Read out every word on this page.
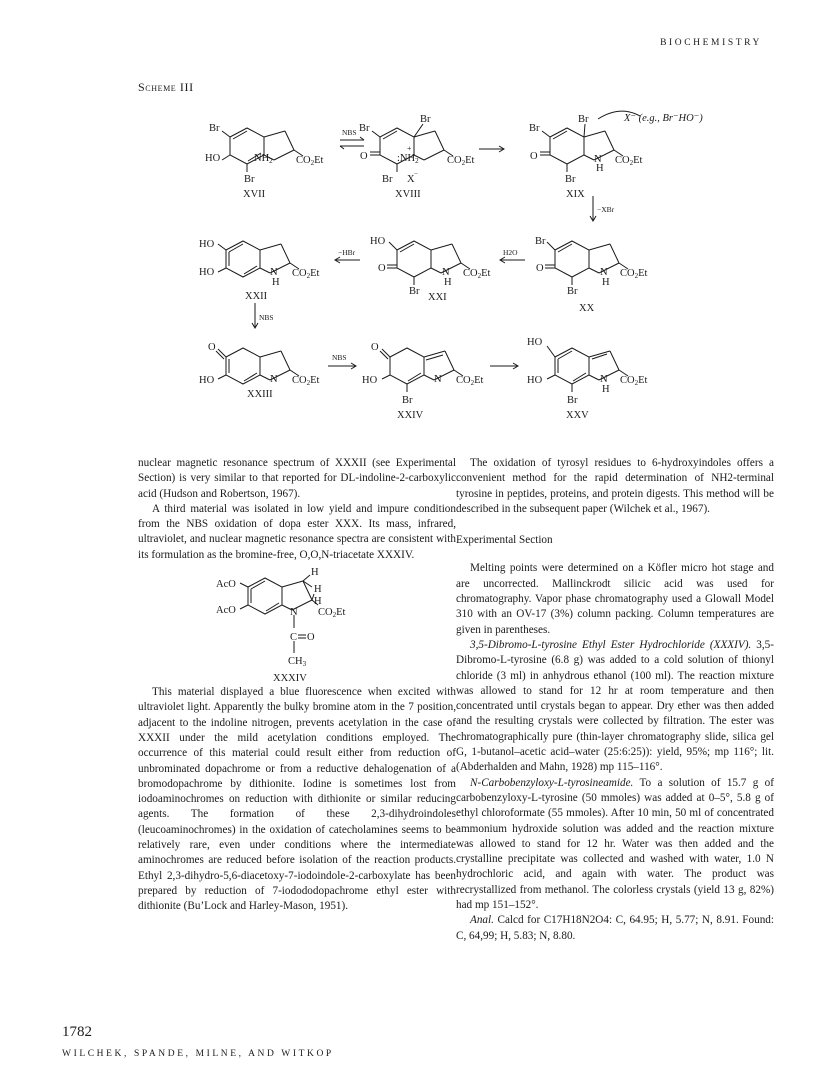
BIOCHEMISTRY
Scheme III
Br
HO	NH2 CO2Et
Br
Br
Br
O	:NH2	CO2Et
Br X −
+
Br
Br
O	N
H
CO2Et
Br
Br
O	N
H
CO2Et
Br
HO
O	N
H
CO2Et
Br
HO
HO	N
H
CO2Et
O
HO	N CO2Et
O
HO	N CO2Et
Br
HO
HO	N
H
CO2Et
Br
X⁻ (e.g., Br⁻HO⁻)
NBS
−XBr
−HBr	H2O
NBS
NBS
XVII	XVIII	XIX
XX
XXI
XXII
XXIII
XXIV	XXV

nuclear magnetic resonance spectrum of XXXII (see Experimental Section) is very similar to that reported for DL-indoline-2-carboxylic acid (Hudson and Robertson, 1967).

A third material was isolated in low yield and impure condition from the NBS oxidation of dopa ester XXX. Its mass, infrared, ultraviolet, and nuclear magnetic resonance spectra are consistent with its formulation as the bromine-free, O,O,N-triacetate XXXIV.

AcO
AcO
H
H
H
N CO2Et
C O
CH3
XXXIV

This material displayed a blue fluorescence when excited with ultraviolet light. Apparently the bulky bromine atom in the 7 position, adjacent to the indoline nitrogen, prevents acetylation in the case of XXXII under the mild acetylation conditions employed. The occurrence of this material could result either from reduction of unbrominated dopachrome or from a reductive dehalogenation of a bromodopachrome by dithionite. Iodine is sometimes lost from iodoaminochromes on reduction with dithionite or similar reducing agents. The formation of these 2,3-dihydroindoles (leucoaminochromes) in the oxidation of catecholamines seems to be relatively rare, even under conditions where the intermediate aminochromes are reduced before isolation of the reaction products. Ethyl 2,3-dihydro-5,6-diacetoxy-7-iodoindole-2-carboxylate has been prepared by reduction of 7-iodododopachrome ethyl ester with dithionite (Bu’Lock and Harley-Mason, 1951).

The oxidation of tyrosyl residues to 6-hydroxyindoles offers a convenient method for the rapid determination of NH2-terminal tyrosine in peptides, proteins, and protein digests. This method will be described in the subsequent paper (Wilchek et al., 1967).

Experimental Section

Melting points were determined on a Köfler micro hot stage and are uncorrected. Mallinckrodt silicic acid was used for chromatography. Vapor phase chromatography used a Glowall Model 310 with an OV-17 (3%) column packing. Column temperatures are given in parentheses.

3,5-Dibromo-L-tyrosine Ethyl Ester Hydrochloride (XXXIV). 3,5-Dibromo-L-tyrosine (6.8 g) was added to a cold solution of thionyl chloride (3 ml) in anhydrous ethanol (100 ml). The reaction mixture was allowed to stand for 12 hr at room temperature and then concentrated until crystals began to appear. Dry ether was then added and the resulting crystals were collected by filtration. The ester was chromatographically pure (thin-layer chromatography slide, silica gel G, 1-butanol–acetic acid–water (25:6:25)): yield, 95%; mp 116°; lit. (Abderhalden and Mahn, 1928) mp 115–116°.

N-Carbobenzyloxy-L-tyrosineamide. To a solution of 15.7 g of carbobenzyloxy-L-tyrosine (50 mmoles) was added at 0–5°, 5.8 g of ethyl chloroformate (55 mmoles). After 10 min, 50 ml of concentrated ammonium hydroxide solution was added and the reaction mixture was allowed to stand for 12 hr. Water was then added and the crystalline precipitate was collected and washed with water, 1.0 N hydrochloric acid, and again with water. The product was recrystallized from methanol. The colorless crystals (yield 13 g, 82%) had mp 151–152°.

Anal. Calcd for C17H18N2O4: C, 64.95; H, 5.77; N, 8.91. Found: C, 64,99; H, 5.83; N, 8.80.

1782
WILCHEK, SPANDE, MILNE, AND WITKOP
